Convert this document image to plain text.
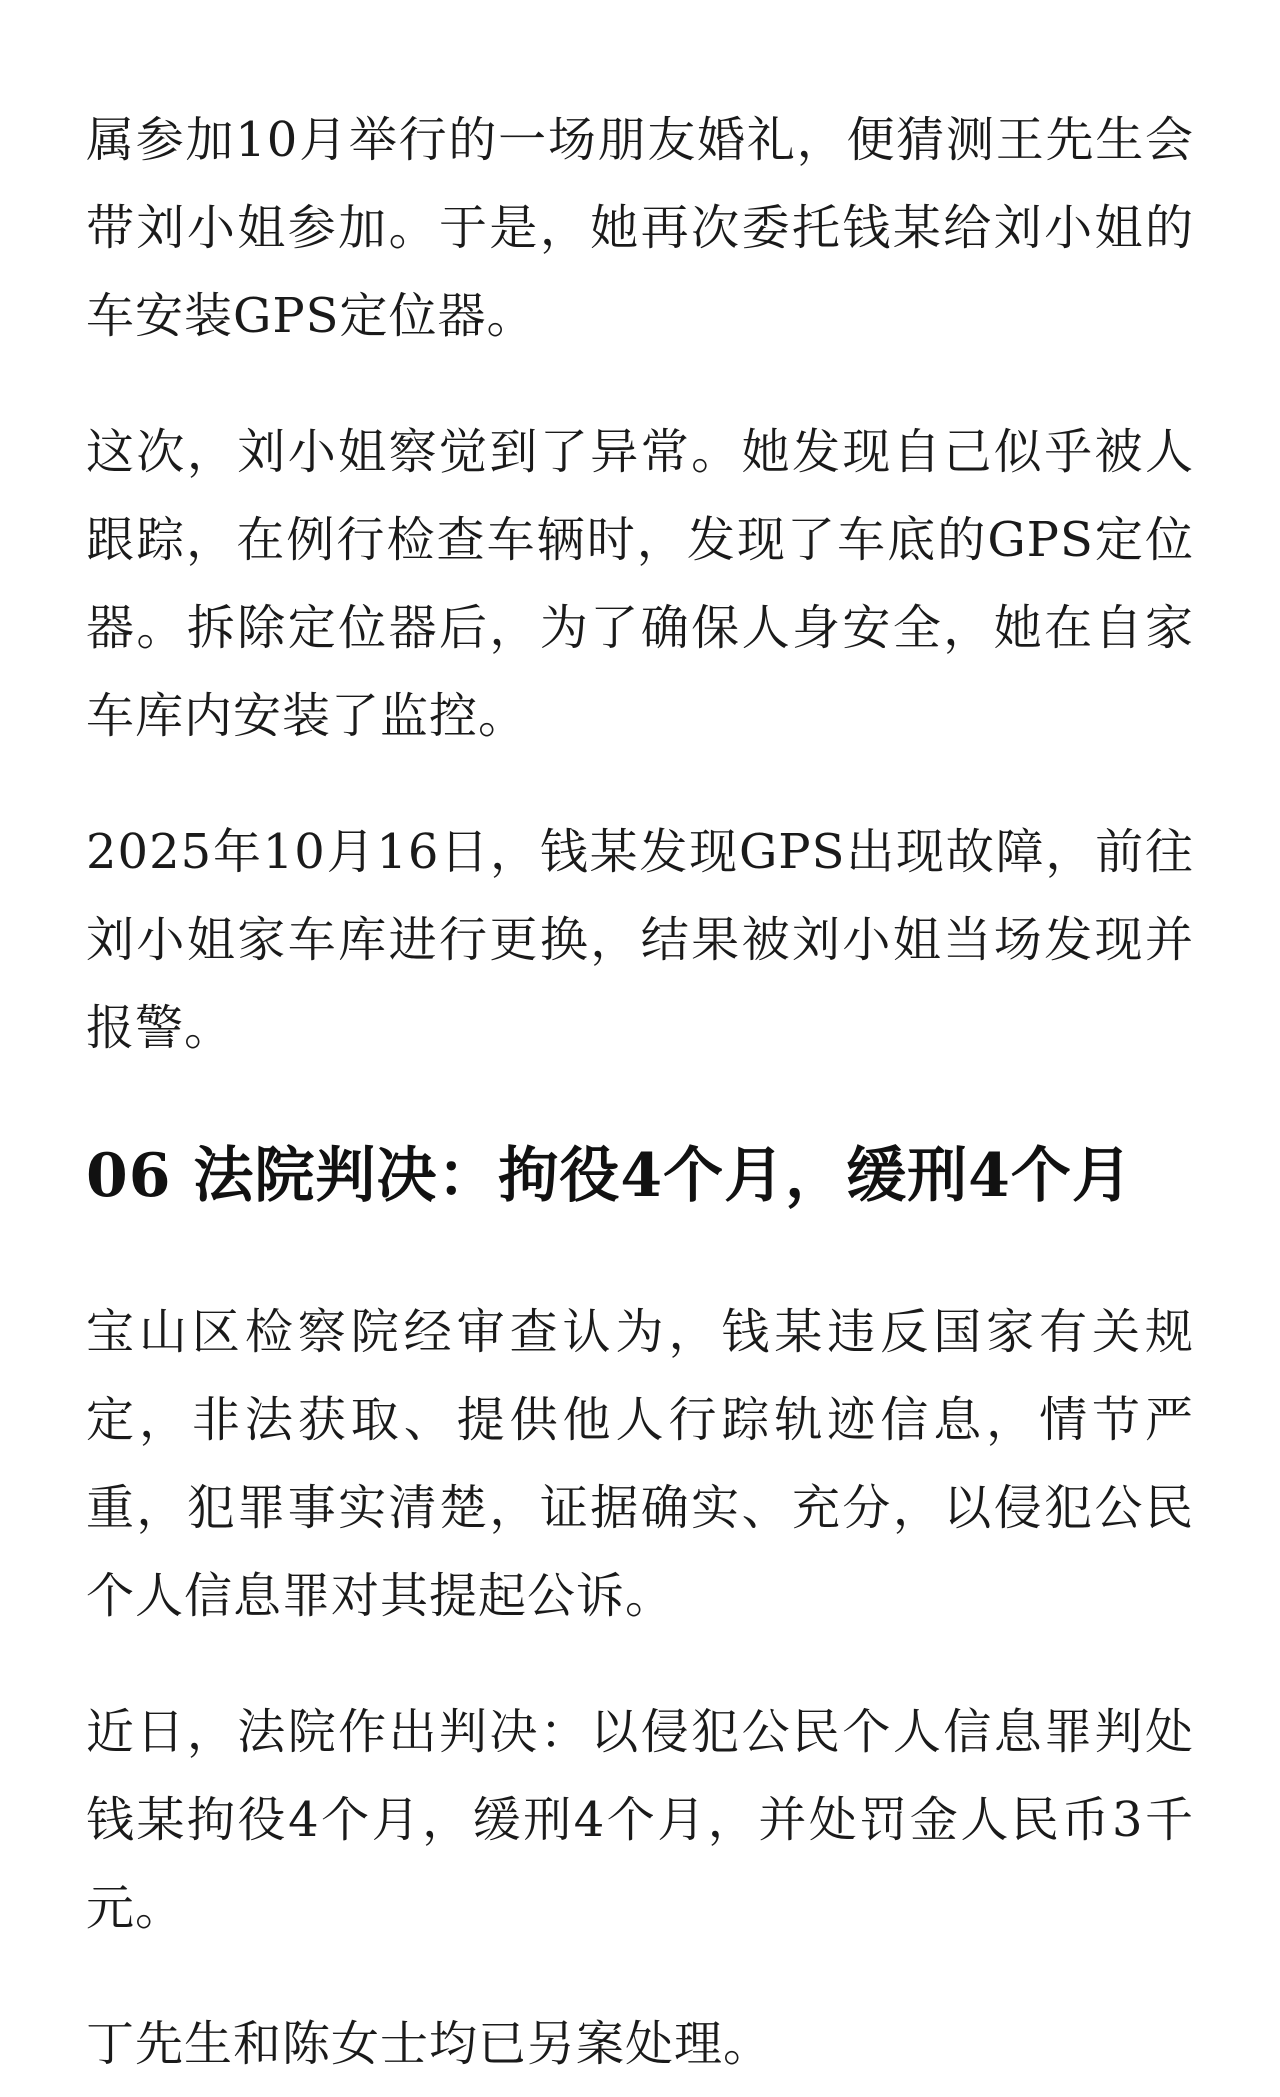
属参加10月举行的一场朋友婚礼，便猜测王先生会带刘小姐参加。于是，她再次委托钱某给刘小姐的车安装GPS定位器。

这次，刘小姐察觉到了异常。她发现自己似乎被人跟踪，在例行检查车辆时，发现了车底的GPS定位器。拆除定位器后，为了确保人身安全，她在自家车库内安装了监控。

2025年10月16日，钱某发现GPS出现故障，前往刘小姐家车库进行更换，结果被刘小姐当场发现并报警。

06 法院判决：拘役4个月，缓刑4个月

宝山区检察院经审查认为，钱某违反国家有关规定，非法获取、提供他人行踪轨迹信息，情节严重，犯罪事实清楚，证据确实、充分，以侵犯公民个人信息罪对其提起公诉。

近日，法院作出判决：以侵犯公民个人信息罪判处钱某拘役4个月，缓刑4个月，并处罚金人民币3千元。

丁先生和陈女士均已另案处理。
